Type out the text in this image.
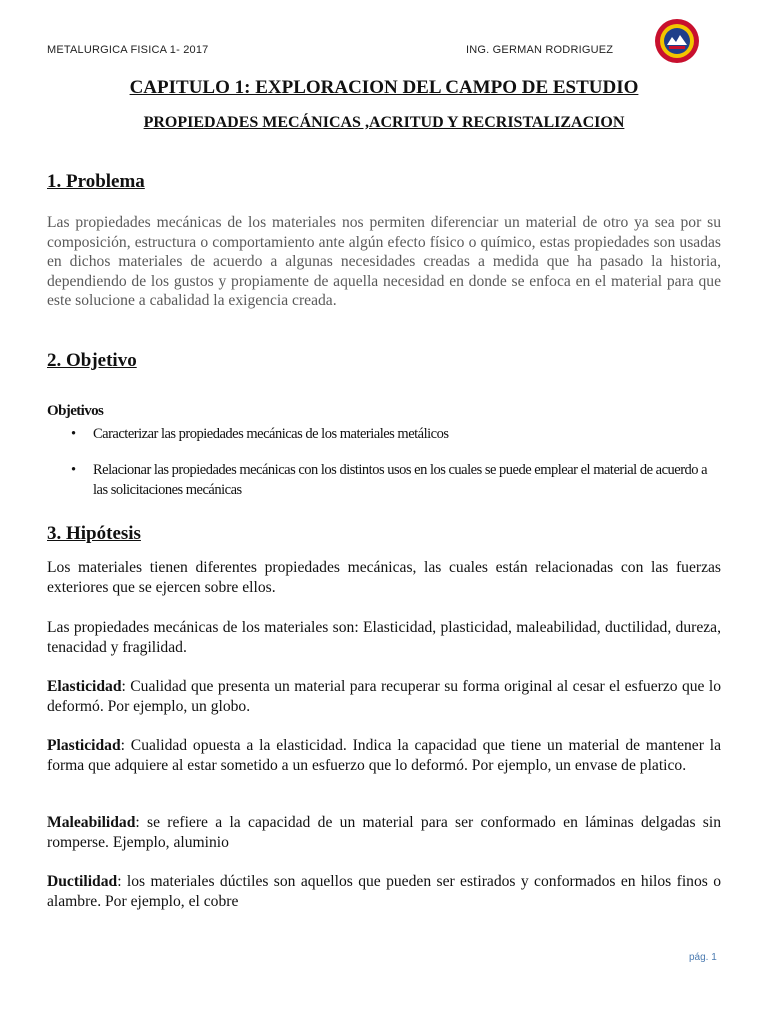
METALURGICA FISICA 1- 2017	ING. GERMAN RODRIGUEZ
CAPITULO 1: EXPLORACION DEL CAMPO DE ESTUDIO
PROPIEDADES MECÁNICAS ,ACRITUD Y RECRISTALIZACION
1. Problema

Las propiedades mecánicas de los materiales nos permiten diferenciar un material de otro ya sea por su composición, estructura o comportamiento ante algún efecto físico o químico, estas propiedades son usadas en dichos materiales de acuerdo a algunas necesidades creadas a medida que ha pasado la historia, dependiendo de los gustos y propiamente de aquella necesidad en donde se enfoca en el material para que este solucione a cabalidad la exigencia creada.

2. Objetivo
Objetivos
• Caracterizar las propiedades mecánicas de los materiales metálicos
• Relacionar las propiedades mecánicas con los distintos usos en los cuales se puede emplear el material de acuerdo a las solicitaciones mecánicas
3. Hipótesis

Los materiales tienen diferentes propiedades mecánicas, las cuales están relacionadas con las fuerzas exteriores que se ejercen sobre ellos.

Las propiedades mecánicas de los materiales son: Elasticidad, plasticidad, maleabilidad, ductilidad, dureza, tenacidad y fragilidad.

Elasticidad: Cualidad que presenta un material para recuperar su forma original al cesar el esfuerzo que lo deformó. Por ejemplo, un globo.

Plasticidad: Cualidad opuesta a la elasticidad. Indica la capacidad que tiene un material de mantener la forma que adquiere al estar sometido a un esfuerzo que lo deformó. Por ejemplo, un envase de platico.

Maleabilidad: se refiere a la capacidad de un material para ser conformado en láminas delgadas sin romperse. Ejemplo, aluminio

Ductilidad: los materiales dúctiles son aquellos que pueden ser estirados y conformados en hilos finos o alambre. Por ejemplo, el cobre

pág. 1
